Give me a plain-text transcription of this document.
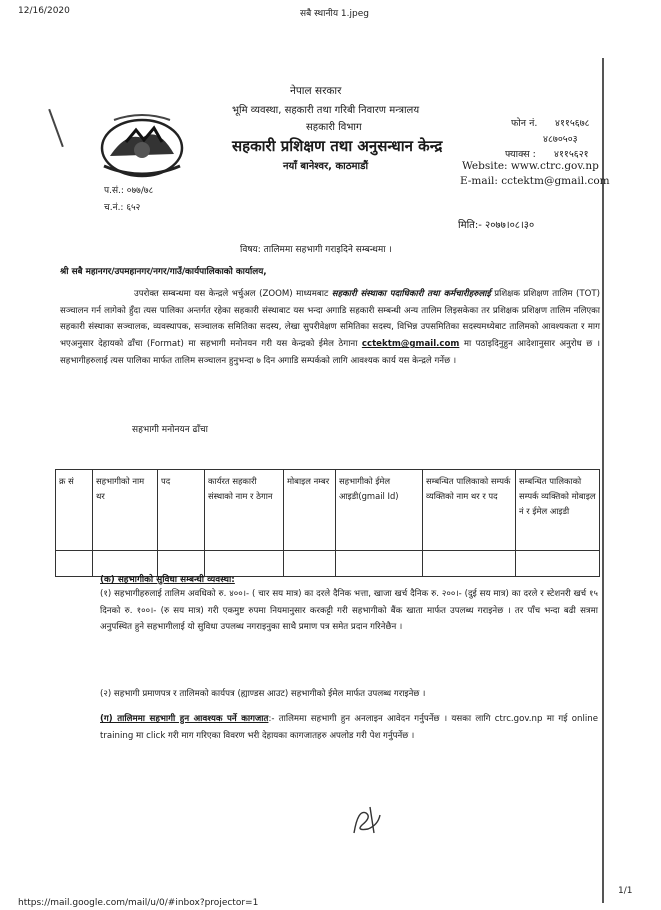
12/16/2020	सबै स्थानीय 1.jpeg
नेपाल सरकार
भूमि व्यवस्था, सहकारी तथा गरिबी निवारण मन्त्रालय
सहकारी विभाग
सहकारी प्रशिक्षण तथा अनुसन्धान केन्द्र
नयाँ बानेश्वर, काठमाडौं
फोन नं. ४११५६७८
४८७०५०३
फ्याक्स : ४११५६२१
Website: www.ctrc.gov.np
E-mail: cctektm@gmail.com
प.सं.: ०७७/७८
च.नं.: ६५२
मिति:- २०७७।०८।३०
विषय: तालिममा सहभागी गराइदिने सम्बन्धमा ।
श्री सबै महानगर/उपमहानगर/नगर/गाउँ/कार्यपालिकाको कार्यालय,
उपरोक्त सम्बन्धमा यस केन्द्रले भर्चुअल (ZOOM) माध्यमबाट सहकारी संस्थाका पदाधिकारी तथा कर्मचारीहरुलाई प्रशिक्षक प्रशिक्षण तालिम (TOT) सञ्चालन गर्न लागेको हुँदा त्यस पालिका अन्तर्गत रहेका सहकारी संस्थाबाट यस भन्दा अगाडि सहकारी सम्बन्धी अन्य तालिम लिइसकेका तर प्रशिक्षक प्रशिक्षण तालिम नलिएका सहकारी संस्थाका सञ्चालक, व्यवस्थापक, सञ्चालक समितिका सदस्य, लेखा सुपरीवेक्षण समितिका सदस्य, विभिन्न उपसमितिका सदस्यमध्येबाट तालिमको आवश्यकता र माग भएअनुसार देहायको ढाँचा (Format) मा सहभागी मनोनयन गरी यस केन्द्रको ईमेल ठेगाना cctektm@gmail.com मा पठाइदिनुहुन आदेशानुसार अनुरोध छ । सहभागीहरुलाई त्यस पालिका मार्फत तालिम सञ्चालन हुनुभन्दा ७ दिन अगाडि सम्पर्कको लागि आवश्यक कार्य यस केन्द्रले गर्नेछ ।
सहभागी मनोनयन ढाँचा
क्र सं	सहभागीको नाम थर	पद	कार्यरत सहकारी संस्थाको नाम र ठेगान	मोबाइल नम्बर	सहभागीको ईमेल आइडी(gmail Id)	सम्बन्धित पालिकाको सम्पर्क व्यक्तिको नाम थर र पद	सम्बन्धित पालिकाको सम्पर्क व्यक्तिको मोबाइल नं र ईमेल आइडी

(क) सहभागीको सुविधा सम्बन्धी व्यवस्था:
(१) सहभागीहरुलाई तालिम अवधिको रु. ४००।- ( चार सय मात्र) का दरले दैनिक भत्ता, खाजा खर्च दैनिक रु. २००।- (दुई सय मात्र) का दरले र स्टेशनरी खर्च १५ दिनको रु. १००।- (रु सय मात्र) गरी एकमुष्ट रुपमा नियमानुसार करकट्टी गरी सहभागीको बैंक खाता मार्फत उपलब्ध गराइनेछ । तर पाँच भन्दा बढी सत्रमा अनुपस्थित हुने सहभागीलाई यो सुविधा उपलब्ध नगराइनुका साथै प्रमाण पत्र समेत प्रदान गरिनेछैन ।
(२) सहभागी प्रमाणपत्र र तालिमको कार्यपत्र (ह्याण्डस आउट) सहभागीको ईमेल मार्फत उपलब्ध गराइनेछ ।
(ग) तालिममा सहभागी हुन आवश्यक पर्ने कागजात:- तालिममा सहभागी हुन अनलाइन आवेदन गर्नुपर्नेछ । यसका लागि ctrc.gov.np मा गई online training मा click गरी माग गरिएका विवरण भरी देहायका कागजातहरु अपलोड गरी पेश गर्नुपर्नेछ ।
https://mail.google.com/mail/u/0/#inbox?projector=1
1/1
